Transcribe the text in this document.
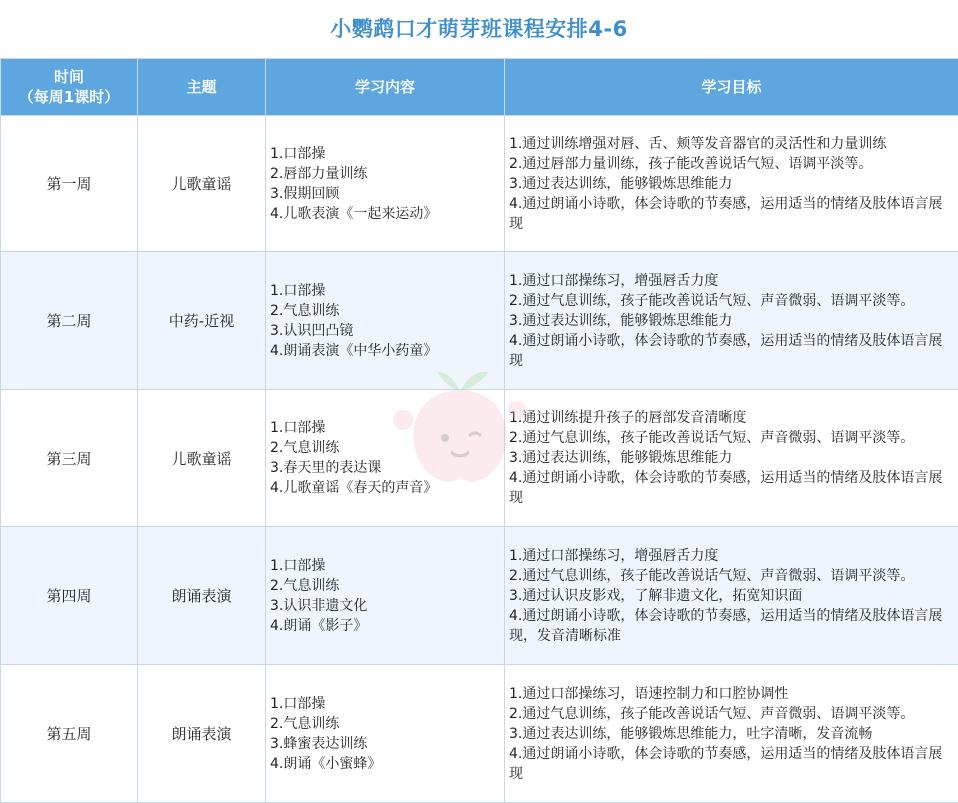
小鹦鹉口才萌芽班课程安排4-6
时间
（每周1课时）	主题	学习内容	学习目标
第一周	儿歌童谣	1.口部操
2.唇部力量训练
3.假期回顾
4.儿歌表演《一起来运动》	1.通过训练增强对唇、舌、颊等发音器官的灵活性和力量训练
2.通过唇部力量训练，孩子能改善说话气短、语调平淡等。
3.通过表达训练，能够锻炼思维能力
4.通过朗诵小诗歌，体会诗歌的节奏感，运用适当的情绪及肢体语言展现

第二周	中药-近视	1.口部操
2.气息训练
3.认识凹凸镜
4.朗诵表演《中华小药童》	1.通过口部操练习，增强唇舌力度
2.通过气息训练，孩子能改善说话气短、声音微弱、语调平淡等。
3.通过表达训练，能够锻炼思维能力
4.通过朗诵小诗歌，体会诗歌的节奏感，运用适当的情绪及肢体语言展现

第三周	儿歌童谣	1.口部操
2.气息训练
3.春天里的表达课
4.儿歌童谣《春天的声音》	1.通过训练提升孩子的唇部发音清晰度
2.通过气息训练，孩子能改善说话气短、声音微弱、语调平淡等。
3.通过表达训练，能够锻炼思维能力
4.通过朗诵小诗歌，体会诗歌的节奏感，运用适当的情绪及肢体语言展现

第四周	朗诵表演	1.口部操
2.气息训练
3.认识非遗文化
4.朗诵《影子》	1.通过口部操练习，增强唇舌力度
2.通过气息训练，孩子能改善说话气短、声音微弱、语调平淡等。
3.通过认识皮影戏，了解非遗文化，拓宽知识面
4.通过朗诵小诗歌，体会诗歌的节奏感，运用适当的情绪及肢体语言展现，发音清晰标准

第五周	朗诵表演	1.口部操
2.气息训练
3.蜂蜜表达训练
4.朗诵《小蜜蜂》	1.通过口部操练习，语速控制力和口腔协调性
2.通过气息训练，孩子能改善说话气短、声音微弱、语调平淡等。
3.通过表达训练，能够锻炼思维能力，吐字清晰，发音流畅
4.通过朗诵小诗歌，体会诗歌的节奏感，运用适当的情绪及肢体语言展现
